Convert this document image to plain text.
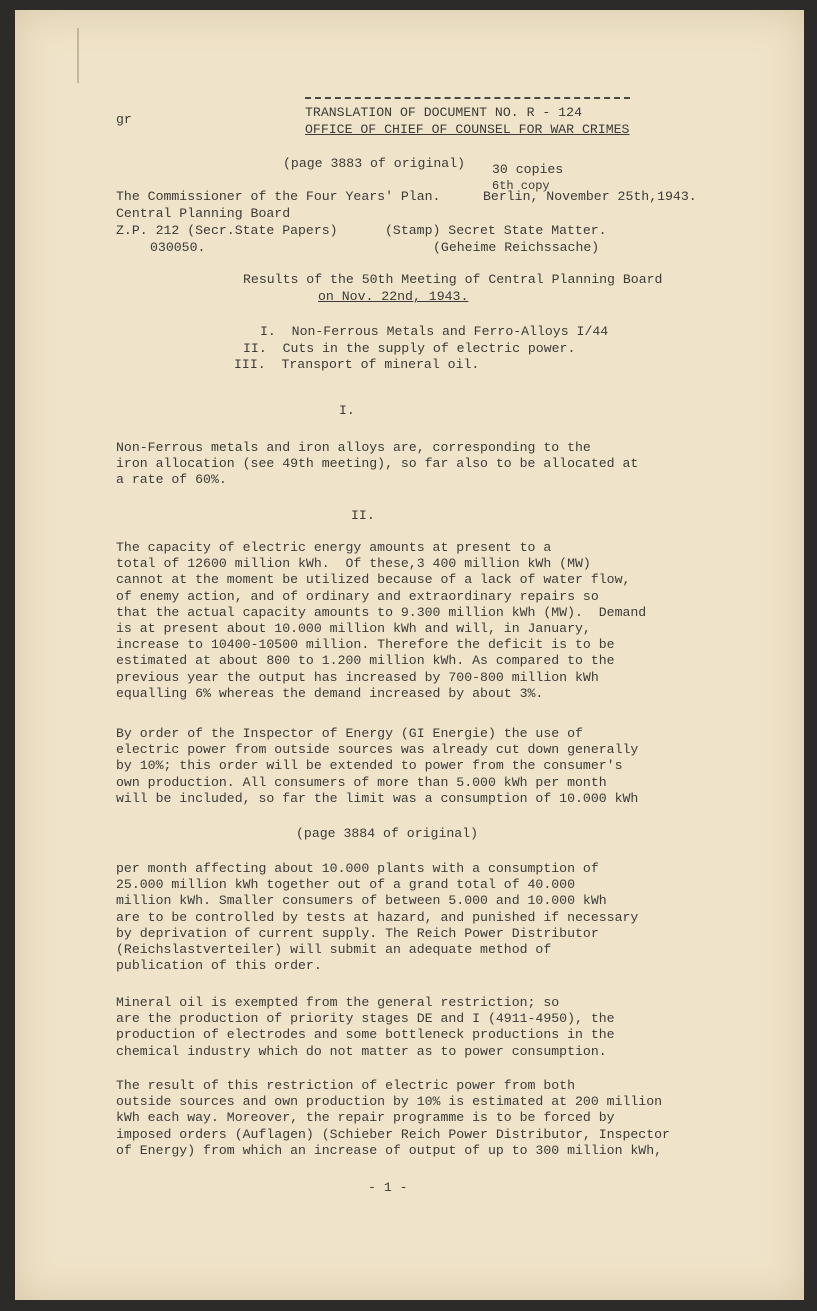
gr	TRANSLATION OF DOCUMENT NO. R - 124
OFFICE OF CHIEF OF COUNSEL FOR WAR CRIMES
(page 3883 of original) 30 copies
6th copy
The Commissioner of the Four Years' Plan.	Berlin, November 25th,1943.
Central Planning Board
Z.P. 212 (Secr.State Papers)	(Stamp) Secret State Matter.
030050.	(Geheime Reichssache)
Results of the 50th Meeting of Central Planning Board
on Nov. 22nd, 1943.
I.  Non-Ferrous Metals and Ferro-Alloys I/44
II.  Cuts in the supply of electric power.
III.  Transport of mineral oil.
I.
Non-Ferrous metals and iron alloys are, corresponding to the
iron allocation (see 49th meeting), so far also to be allocated at
a rate of 60%.
II.
The capacity of electric energy amounts at present to a
total of 12600 million kWh.  Of these,3 400 million kWh (MW)
cannot at the moment be utilized because of a lack of water flow,
of enemy action, and of ordinary and extraordinary repairs so
that the actual capacity amounts to 9.300 million kWh (MW).  Demand
is at present about 10.000 million kWh and will, in January,
increase to 10400-10500 million. Therefore the deficit is to be
estimated at about 800 to 1.200 million kWh. As compared to the
previous year the output has increased by 700-800 million kWh
equalling 6% whereas the demand increased by about 3%.
By order of the Inspector of Energy (GI Energie) the use of
electric power from outside sources was already cut down generally
by 10%; this order will be extended to power from the consumer's
own production. All consumers of more than 5.000 kWh per month
will be included, so far the limit was a consumption of 10.000 kWh
(page 3884 of original)
per month affecting about 10.000 plants with a consumption of
25.000 million kWh together out of a grand total of 40.000
million kWh. Smaller consumers of between 5.000 and 10.000 kWh
are to be controlled by tests at hazard, and punished if necessary
by deprivation of current supply. The Reich Power Distributor
(Reichslastverteiler) will submit an adequate method of
publication of this order.
Mineral oil is exempted from the general restriction; so
are the production of priority stages DE and I (4911-4950), the
production of electrodes and some bottleneck productions in the
chemical industry which do not matter as to power consumption.
The result of this restriction of electric power from both
outside sources and own production by 10% is estimated at 200 million
kWh each way. Moreover, the repair programme is to be forced by
imposed orders (Auflagen) (Schieber Reich Power Distributor, Inspector
of Energy) from which an increase of output of up to 300 million kWh,
- 1 -
